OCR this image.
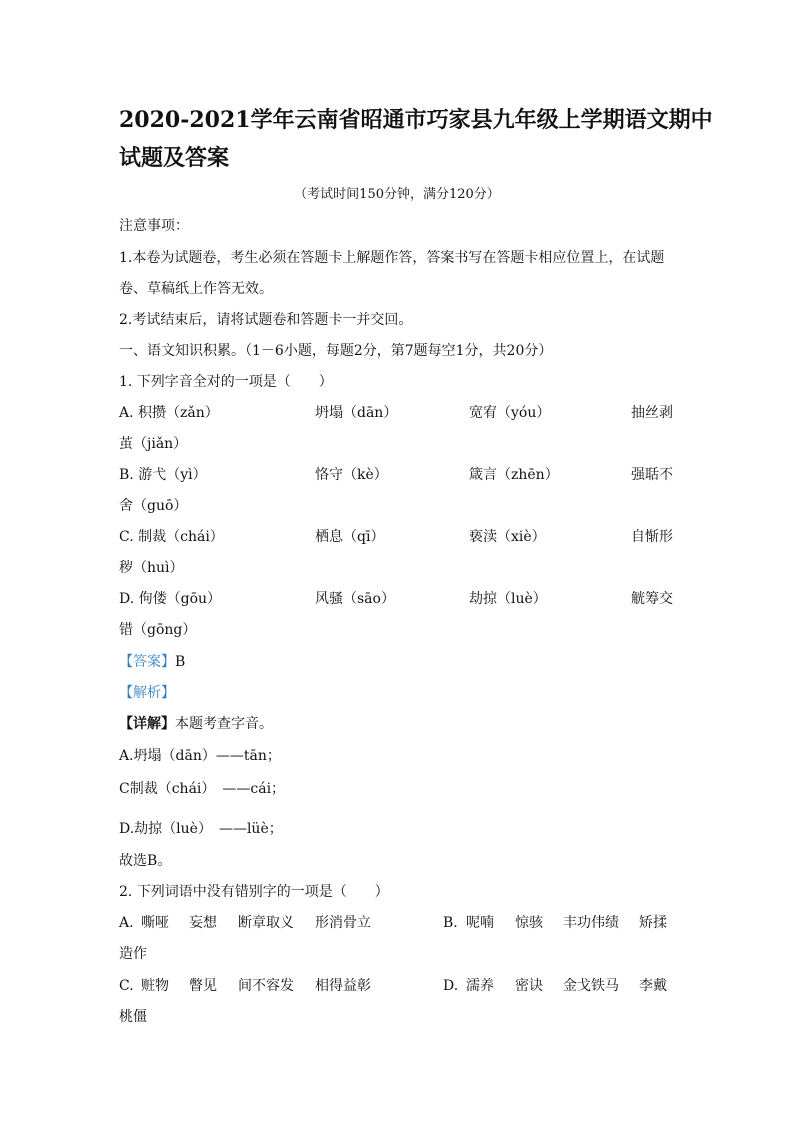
2020-2021学年云南省昭通市巧家县九年级上学期语文期中
试题及答案
（考试时间150分钟，满分120分）
注意事项：
1.本卷为试题卷，考生必须在答题卡上解题作答，答案书写在答题卡相应位置上，在试题
卷、草稿纸上作答无效。
2.考试结束后，请将试题卷和答题卡一并交回。
一、语文知识积累。（1－6小题，每题2分，第7题每空1分，共20分）
1. 下列字音全对的一项是（　　）
A. 积攒（zǎn）	坍塌（dān）	宽宥（yóu）	抽丝剥
茧（jiǎn）
B. 游弋（yì）	恪守（kè）	箴言（zhēn）	强聒不
舍（guō）
C. 制裁（chái）	栖息（qī）	亵渎（xiè）	自惭形
秽（huì）
D. 佝偻（gōu）	风骚（sāo）	劫掠（luè）	觥筹交
错（gōng）
【答案】B
【解析】
【详解】本题考查字音。
A.坍塌（dān）——tān；
C制裁（chái）　——cái；
D.劫掠（luè）　——lüè；
故选B。
2. 下列词语中没有错别字的一项是（　　）
A. 嘶哑 妄想 断章取义 形消骨立	B. 呢喃 惊骇 丰功伟绩 矫揉
造作
C. 赃物 瞥见 间不容发 相得益彰	D. 濡养 密诀 金戈铁马 李戴
桃僵
